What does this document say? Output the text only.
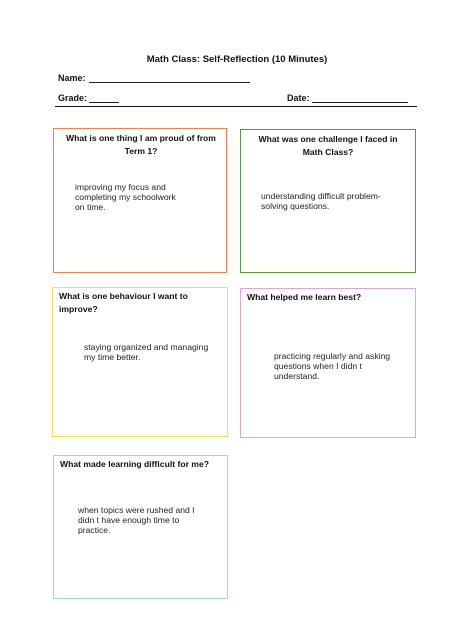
Math Class: Self-Reflection (10 Minutes)
Name:
Grade:	Date:
What is one thing I am proud of from Term 1?
improving my focus and completing my schoolwork on time.
What was one challenge I faced in Math Class?
understanding difficult problem-solving questions.
What is one behaviour I want to improve?
staying organized and managing my time better.
What helped me learn best?
practicing regularly and asking questions when I didn t understand.
What made learning difficult for me?
when topics were rushed and I didn t have enough time to practice.
